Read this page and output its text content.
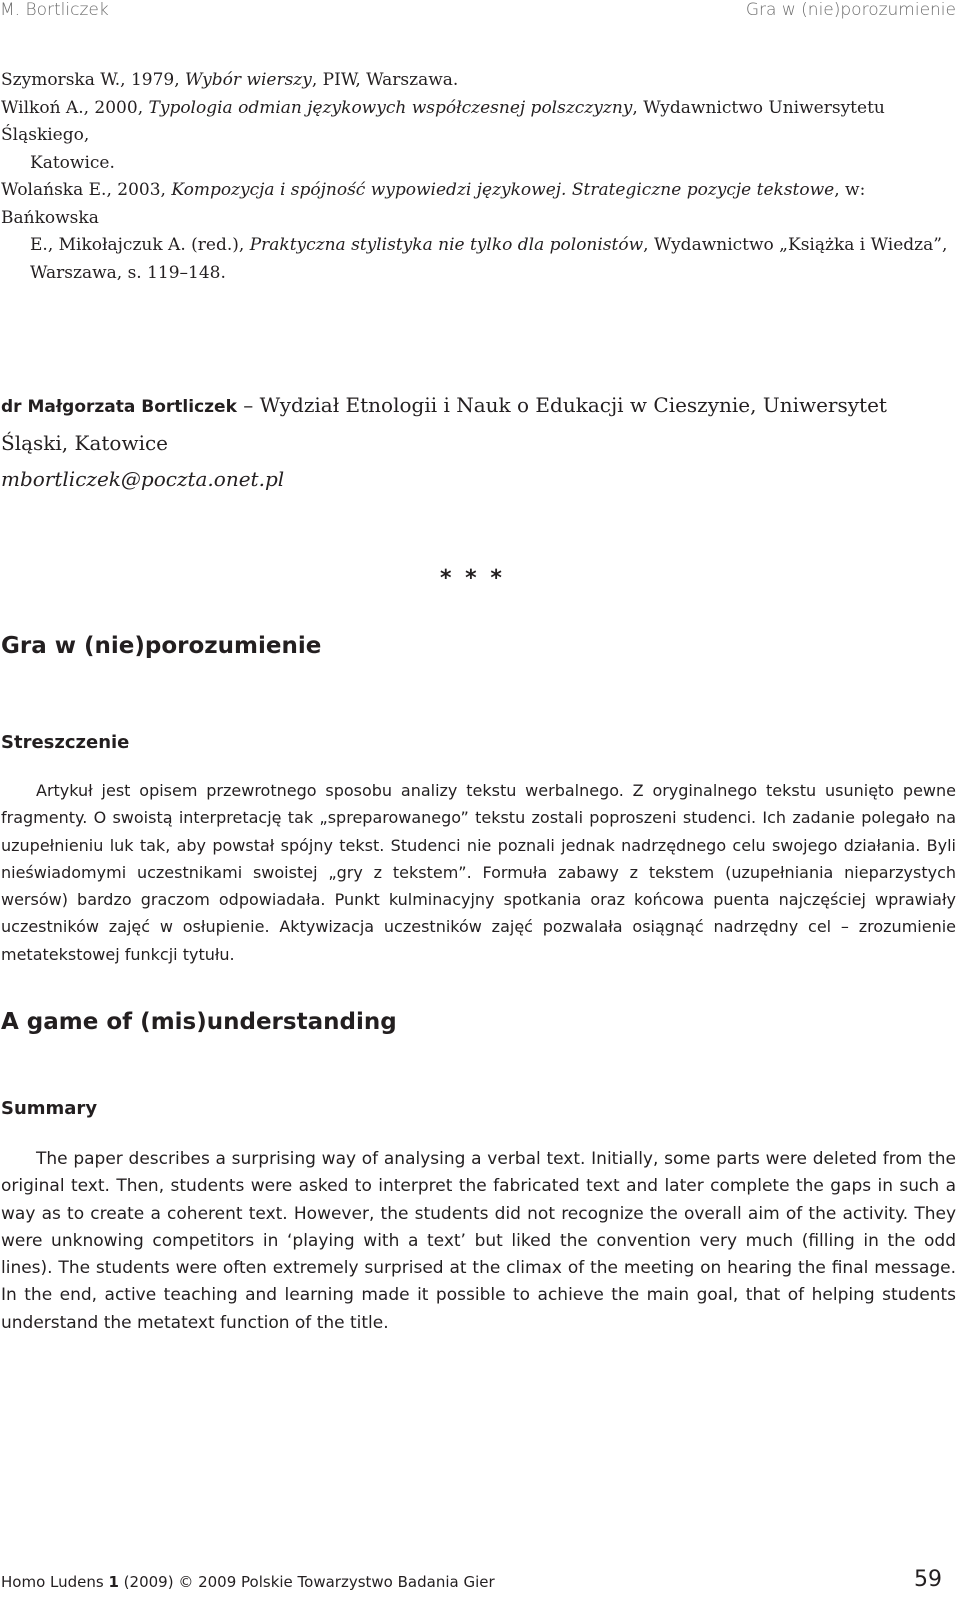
M. Bortliczek	Gra w (nie)porozumienie

Szymorska W., 1979, Wybór wierszy, PIW, Warszawa.

Wilkoń A., 2000, Typologia odmian językowych współczesnej polszczyzny, Wydawnictwo Uniwersytetu Śląskiego,

Katowice.

Wolańska E., 2003, Kompozycja i spójność wypowiedzi językowej. Strategiczne pozycje tekstowe, w: Bańkowska

E., Mikołajczuk A. (red.), Praktyczna stylistyka nie tylko dla polonistów, Wydawnictwo „Książka i Wiedza”,

Warszawa, s. 119–148.

dr Małgorzata Bortliczek – Wydział Etnologii i Nauk o Edukacji w Cieszynie, Uniwersytet

Śląski, Katowice

mbortliczek@poczta.onet.pl

* * *
Gra w (nie)porozumienie
Streszczenie

Artykuł jest opisem przewrotnego sposobu analizy tekstu werbalnego. Z oryginalnego tekstu usunięto pewne fragmenty. O swoistą interpretację tak „spreparowanego” tekstu zostali poproszeni studenci. Ich zadanie polegało na uzupełnieniu luk tak, aby powstał spójny tekst. Studenci nie poznali jednak nadrzędnego celu swojego działania. Byli nieświadomymi uczestnikami swoistej „gry z tekstem”. Formuła zabawy z tekstem (uzupełniania nieparzystych wersów) bardzo graczom odpowiadała. Punkt kulminacyjny spotkania oraz końcowa puenta najczęściej wprawiały uczestników zajęć w osłupienie. Aktywizacja uczestników zajęć pozwalała osiągnąć nadrzędny cel – zrozumienie metatekstowej funkcji tytułu.

A game of (mis)understanding
Summary

The paper describes a surprising way of analysing a verbal text. Initially, some parts were deleted from the original text. Then, students were asked to interpret the fabricated text and later complete the gaps in such a way as to create a coherent text. However, the students did not recognize the overall aim of the activity. They were unknowing competitors in ‘playing with a text’ but liked the convention very much (filling in the odd lines). The students were often extremely surprised at the climax of the meeting on hearing the final message. In the end, active teaching and learning made it possible to achieve the main goal, that of helping students understand the metatext function of the title.

Homo Ludens 1 (2009) © 2009 Polskie Towarzystwo Badania Gier	59
